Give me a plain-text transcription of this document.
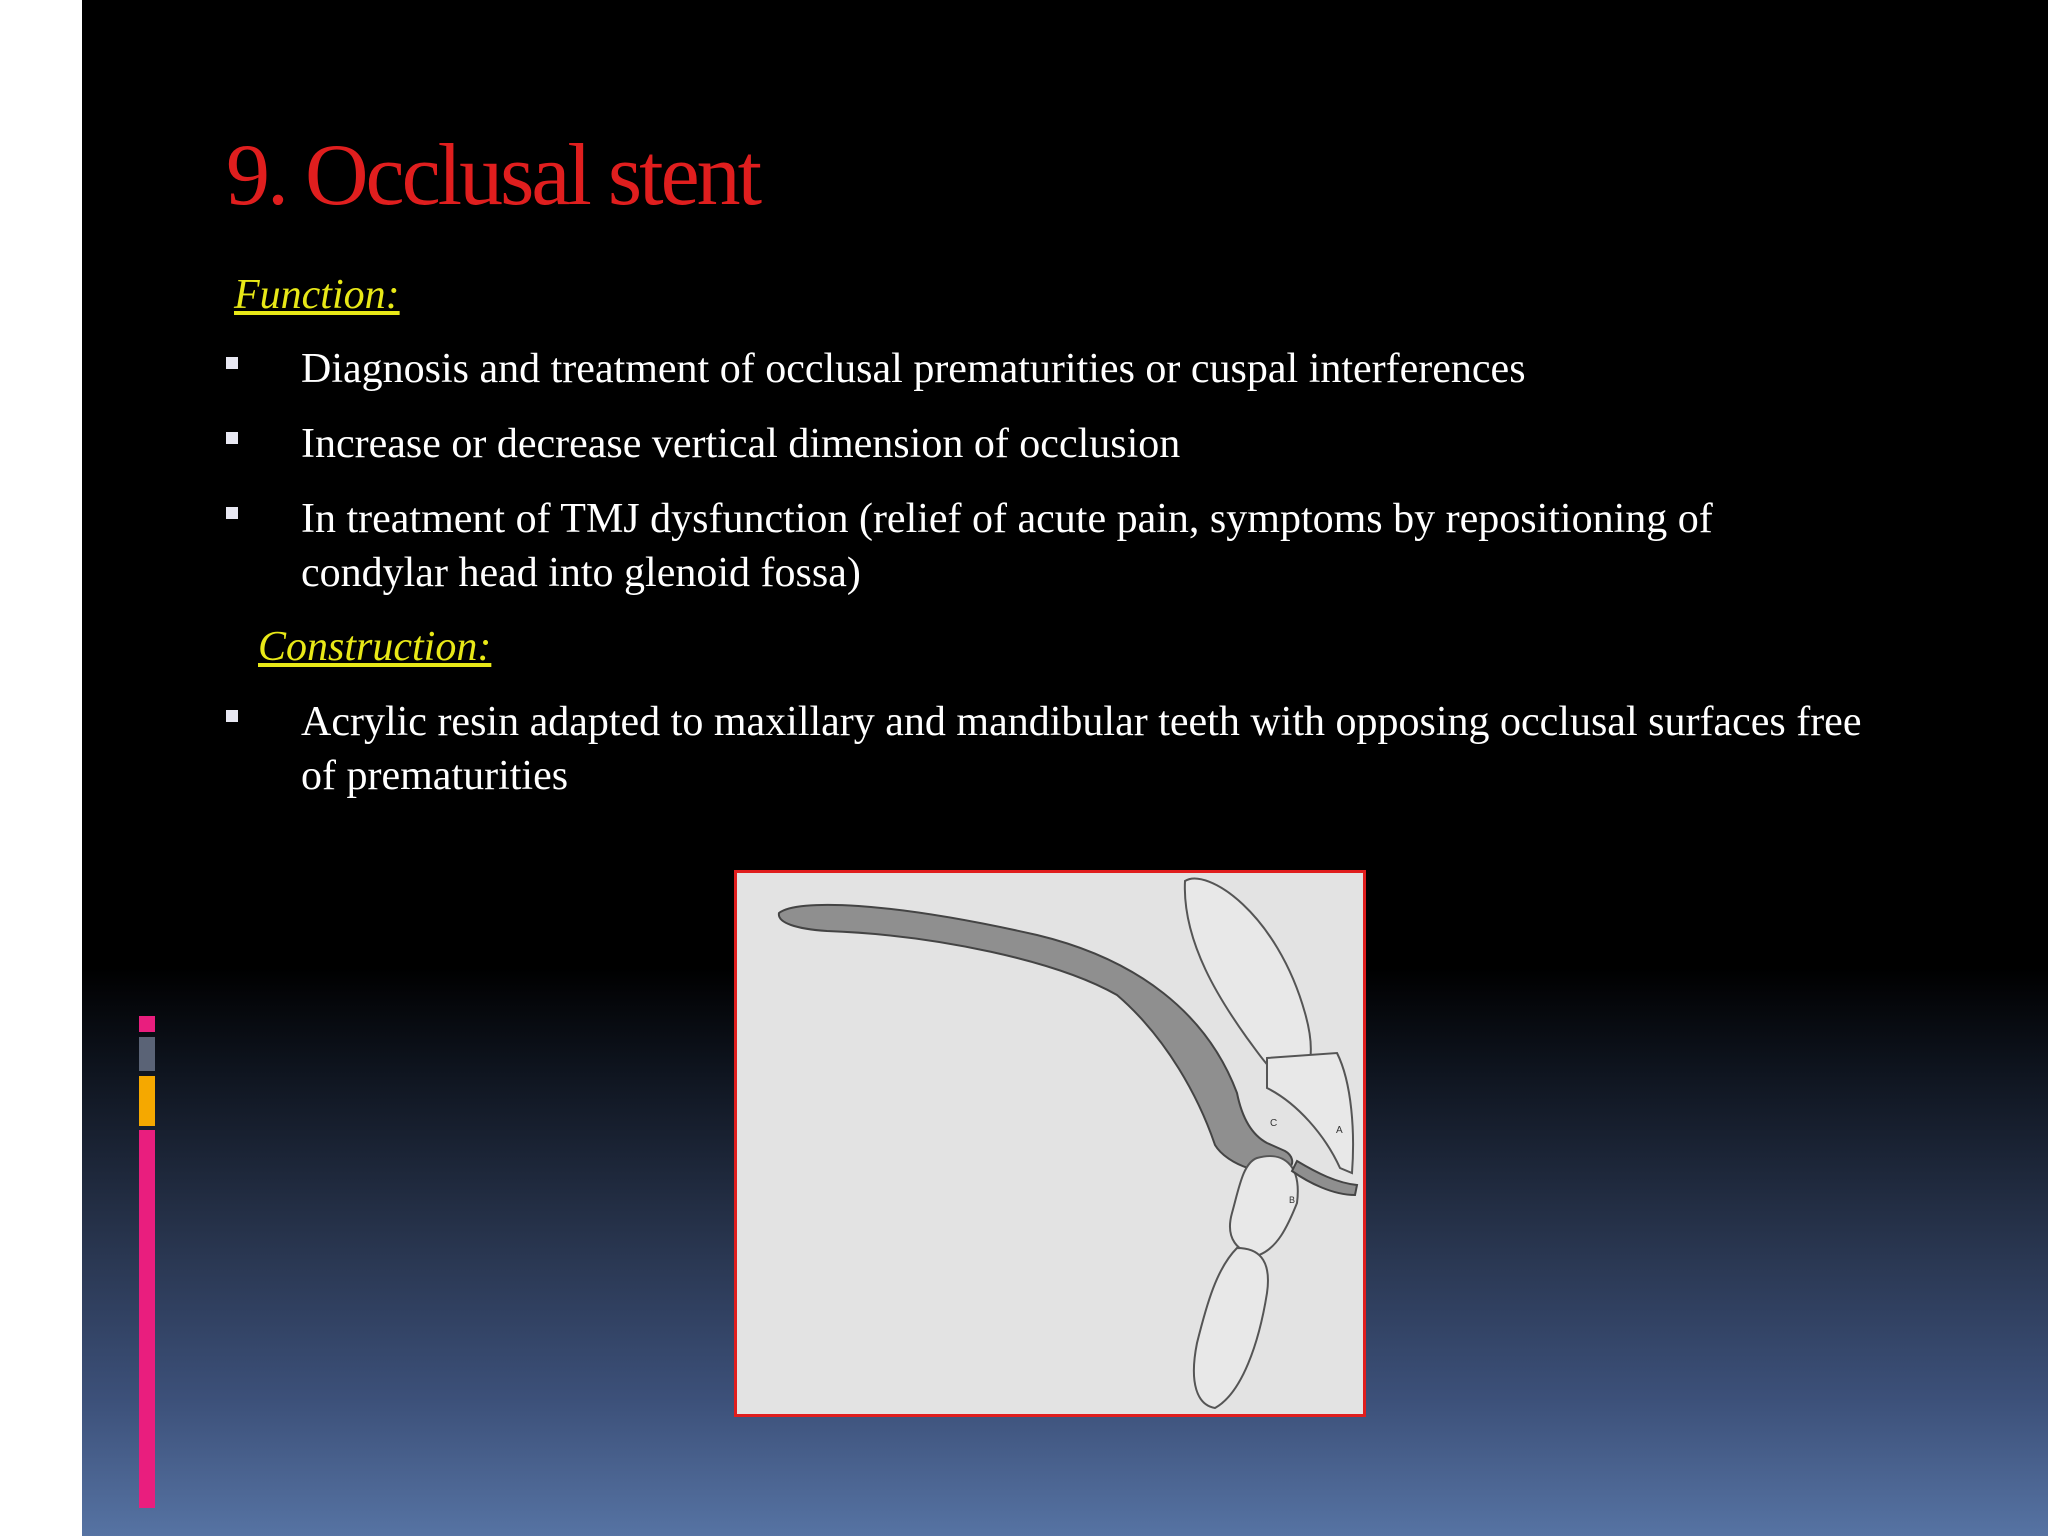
9. Occlusal stent
Function:
Diagnosis and treatment of occlusal prematurities or cuspal interferences
Increase or decrease vertical dimension of occlusion
In treatment of TMJ dysfunction (relief of acute pain, symptoms by repositioning of condylar head into glenoid fossa)
Construction:
Acrylic resin adapted to maxillary and mandibular teeth with opposing occlusal surfaces free of prematurities
C
A
B
